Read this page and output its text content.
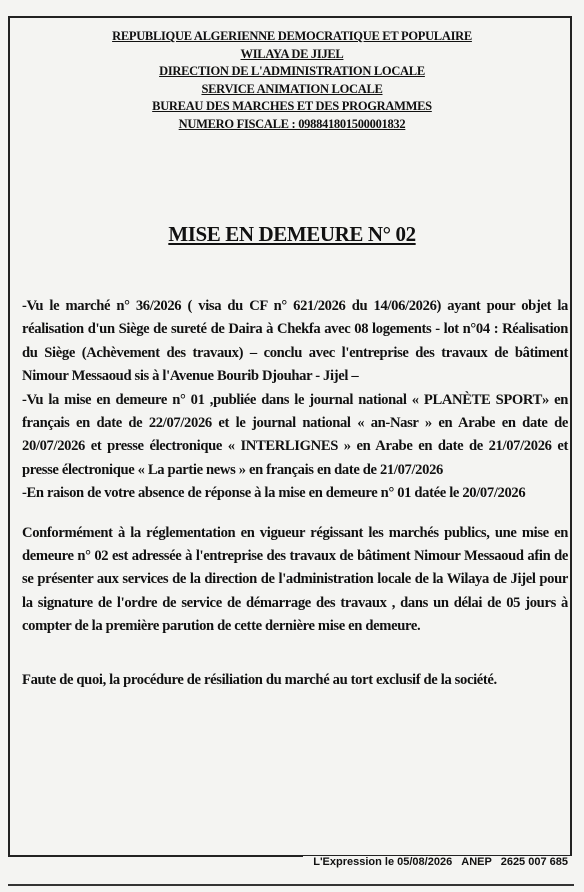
REPUBLIQUE ALGERIENNE DEMOCRATIQUE ET POPULAIRE
WILAYA DE JIJEL
DIRECTION DE L'ADMINISTRATION LOCALE
SERVICE ANIMATION LOCALE
BUREAU DES MARCHES ET DES PROGRAMMES
NUMERO FISCALE : 098841801500001832
MISE EN DEMEURE N° 02

-Vu le marché n° 36/2026 ( visa du CF n° 621/2026 du 14/06/2026) ayant pour objet la réalisation d'un Siège de sureté de Daira à Chekfa avec 08 logements - lot n°04 : Réalisation du Siège (Achèvement des travaux) – conclu avec l'entreprise des travaux de bâtiment Nimour Messaoud sis à l'Avenue Bourib Djouhar - Jijel –

-Vu la mise en demeure n° 01 ,publiée dans le journal national « PLANÈTE SPORT» en français en date de 22/07/2026 et le journal national « an-Nasr » en Arabe en date de 20/07/2026 et presse électronique « INTERLIGNES » en Arabe en date de 21/07/2026 et presse électronique « La partie news » en français en date de 21/07/2026

-En raison de votre absence de réponse à la mise en demeure n° 01 datée le 20/07/2026

Conformément à la réglementation en vigueur régissant les marchés publics, une mise en demeure n° 02 est adressée à l'entreprise des travaux de bâtiment Nimour Messaoud afin de se présenter aux services de la direction de l'administration locale de la Wilaya de Jijel pour la signature de l'ordre de service de démarrage des travaux , dans un délai de 05 jours à compter de la première parution de cette dernière mise en demeure.

Faute de quoi, la procédure de résiliation du marché au tort exclusif de la société.

L'Expression le 05/08/2026 ANEP 2625 007 685
